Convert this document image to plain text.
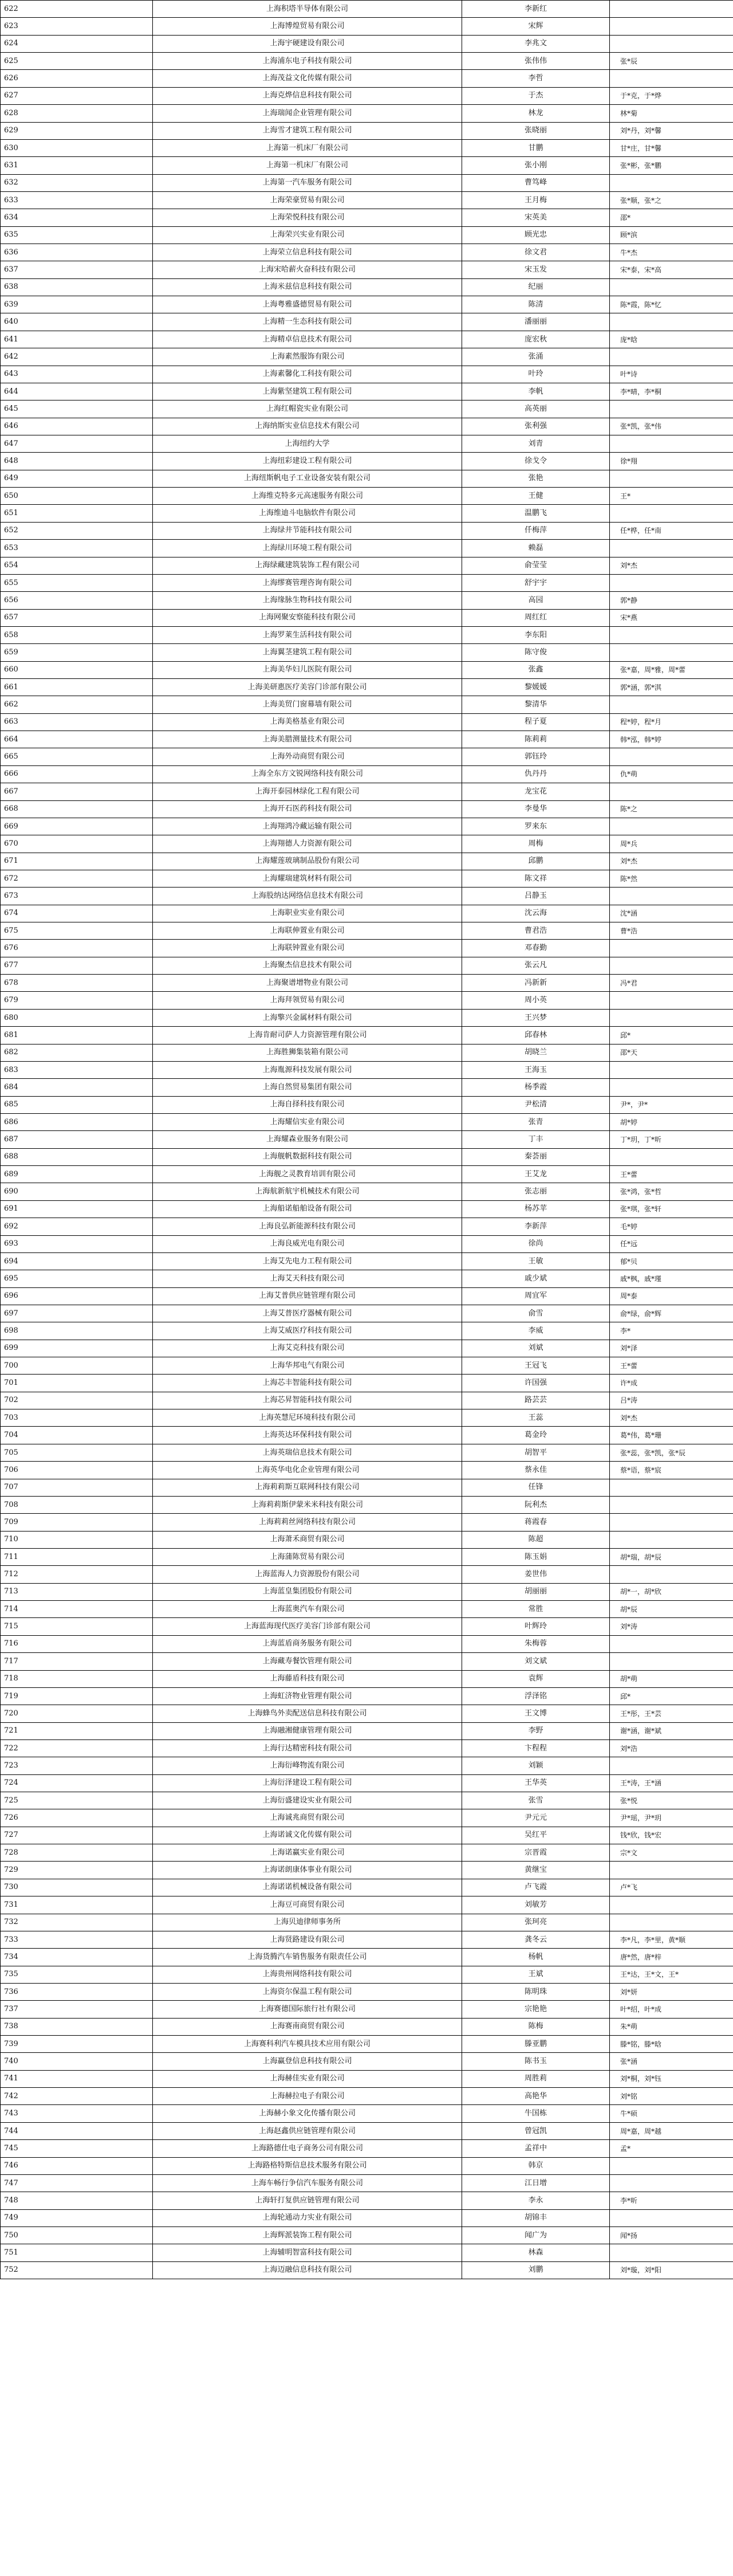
622	上海积塔半导体有限公司	李新红	
623	上海博煌贸易有限公司	宋辉	
624	上海宇硬建设有限公司	李兆文	
625	上海浦东电子科技有限公司	张伟伟	张*辰
626	上海茂益文化传媒有限公司	李哲	
627	上海克烨信息科技有限公司	于杰	于*克，于*烨
628	上海瑞闻企业管理有限公司	林龙	林*菊
629	上海雪才建筑工程有限公司	张晓丽	刘*丹，刘*馨
630	上海第一机床厂有限公司	甘鹏	甘*庄，甘*馨
631	上海第一机床厂有限公司	张小刚	张*彬，张*鹏
632	上海第一汽车服务有限公司	曹笃峰	
633	上海荣豪贸易有限公司	王月梅	张*顺，张*之
634	上海荣悦科技有限公司	宋英美	邵*
635	上海荣兴实业有限公司	顾光忠	顾*滨
636	上海荣立信息科技有限公司	徐文君	牛*杰
637	上海宋哈薪火奋科技有限公司	宋玉发	宋*泰，宋*高
638	上海米兹信息科技有限公司	纪丽	
639	上海粤雅盛德贸易有限公司	陈清	陈*霞，陈*忆
640	上海精一生态科技有限公司	潘丽丽	
641	上海精卓信息技术有限公司	庞宏秋	庞*晗
642	上海素然服饰有限公司	张涌	
643	上海素馨化工科技有限公司	叶玲	叶*诗
644	上海紫坚建筑工程有限公司	李帆	李*晴，李*桐
645	上海红帽瓷实业有限公司	高英丽	
646	上海纳斯实业信息技术有限公司	张利强	张*凯，张*伟
647	上海纽约大学	刘青	
648	上海纽彩建设工程有限公司	徐戈令	徐*翔
649	上海纽斯帆电子工业设备安装有限公司	张艳	
650	上海维克特多元高速服务有限公司	王健	王*
651	上海维迪斗电脑软件有限公司	温鹏飞	
652	上海绿井节能科技有限公司	仟梅萍	任*桦，任*南
653	上海绿川环境工程有限公司	赖磊	
654	上海绿藏建筑装饰工程有限公司	俞莹莹	刘*杰
655	上海缪赛管理咨询有限公司	舒宇宇	
656	上海缘脉生物科技有限公司	高园	郭*静
657	上海网聚安察能科技有限公司	周红红	宋*燕
658	上海罗莱生活科技有限公司	李东阳	
659	上海翼茎建筑工程有限公司	陈守俊	
660	上海美华妇儿医院有限公司	张鑫	张*嘉，周*雅，周*蕾
661	上海美研惠医疗美容门诊部有限公司	黎媛媛	郭*涵，郭*淇
662	上海美贸门窗幕墙有限公司	黎清华	
663	上海美格基业有限公司	程子夏	程*婷，程*月
664	上海美腊测量技术有限公司	陈莉莉	韩*泓，韩*婷
665	上海外动商贸有限公司	郭钰玲	
666	上海全东方文锐网络科技有限公司	仇丹丹	仇*萌
667	上海开泰园林绿化工程有限公司	龙宝花	
668	上海开石医药科技有限公司	李曼华	陈*之
669	上海翔鸿冷藏运输有限公司	罗来东	
670	上海翔德人力资源有限公司	周梅	周*兵
671	上海耀莲玻璃制品股份有限公司	邱鹏	刘*杰
672	上海耀瑞建筑材料有限公司	陈文祥	陈*然
673	上海股纳达网络信息技术有限公司	吕静玉	
674	上海职业实业有限公司	沈云海	沈*涵
675	上海联伸置业有限公司	曹君浩	曹*浩
676	上海联钟置业有限公司	邓春勤	
677	上海聚杰信息技术有限公司	张云凡	
678	上海聚谱增物业有限公司	冯新新	冯*君
679	上海拜领贸易有限公司	周小英	
680	上海擎兴金属材料有限公司	王兴梦	
681	上海肯耐司萨人力资源管理有限公司	邱春林	邱*
682	上海胜狮集装箱有限公司	胡晓兰	邵*天
683	上海胤源科技发展有限公司	王海玉	
684	上海自然贸易集团有限公司	杨季霞	
685	上海自择科技有限公司	尹松清	尹*，尹*
686	上海耀信实业有限公司	张青	胡*婷
687	上海耀森业服务有限公司	丁丰	丁*玥，丁*昕
688	上海舰帆数据科技有限公司	秦荟丽	
689	上海舰之灵教育培训有限公司	王艾龙	王*蕾
690	上海航新航宇机械技术有限公司	张志丽	张*鸿，张*哲
691	上海船诺船舶设备有限公司	杨苏苹	张*琪，张*轩
692	上海良弘新能源科技有限公司	李新萍	毛*婷
693	上海良威光电有限公司	徐尚	任*远
694	上海艾先电力工程有限公司	王敏	郁*贝
695	上海艾天科技有限公司	戚少斌	戚*枫，戚*瑾
696	上海艾普供应链管理有限公司	周宜军	周*泰
697	上海艾普医疗器械有限公司	俞雪	俞*绿，俞*辉
698	上海艾威医疗科技有限公司	李威	李*
699	上海艾克科技有限公司	刘斌	刘*泽
700	上海华邦电气有限公司	王冠飞	王*蕾
701	上海芯丰智能科技有限公司	许国强	许*成
702	上海芯昇智能科技有限公司	路芸芸	吕*涛
703	上海英慧尼环境科技有限公司	王蕊	刘*杰
704	上海英达环保科技有限公司	葛金玲	葛*伟，葛*珊
705	上海英瑞信息技术有限公司	胡智平	张*蕊，张*凯，张*辰
706	上海英华电化企业管理有限公司	蔡永佳	蔡*语，蔡*宸
707	上海莉莉斯互联网科技有限公司	任锋	
708	上海莉莉斯伊蒙米米科技有限公司	阮利杰	
709	上海莉莉丝网络科技有限公司	蒋霞春	
710	上海萧禾商贸有限公司	陈超	
711	上海蒲陈贸易有限公司	陈玉娟	胡*瑞，胡*辰
712	上海蓝海人力资源股份有限公司	姜世伟	
713	上海蓝皇集团股份有限公司	胡丽丽	胡*一，胡*欣
714	上海蓝奥汽车有限公司	常胜	胡*辰
715	上海蓝海现代医疗美容门诊部有限公司	叶辉玲	刘*涛
716	上海蓝盾商务服务有限公司	朱梅蓉	
717	上海藏寿餐饮管理有限公司	刘文斌	
718	上海藤盾科技有限公司	袁辉	胡*萌
719	上海虹济物业管理有限公司	浮泽铭	邱*
720	上海蜂鸟外卖配送信息科技有限公司	王文博	王*彤，王*芸
721	上海融湘健康管理有限公司	李野	谢*涵，谢*斌
722	上海行达精密科技有限公司	卞程程	刘*浩
723	上海衍峰物流有限公司	刘颖	
724	上海衍泽建设工程有限公司	王华英	王*涛，王*涵
725	上海衍盛建设实业有限公司	张雪	张*悦
726	上海诚兆商贸有限公司	尹元元	尹*瑶，尹*玥
727	上海诺诚文化传媒有限公司	吴红平	钱*欣，钱*宏
728	上海诺赢实业有限公司	宗晋霞	宗*文
729	上海诺朗康体事业有限公司	黄继宝	
730	上海诺诺机械设备有限公司	卢飞霞	卢*飞
731	上海豆可商贸有限公司	刘敏芳	
732	上海贝迪律师事务所	张珂亮	
733	上海贤路建设有限公司	龚冬云	李*凡，李*里，黄*顺
734	上海货腾汽车销售服务有限责任公司	杨帆	唐*然，唐*梓
735	上海贵州网络科技有限公司	王斌	王*达，王*文，王*
736	上海资尔保温工程有限公司	陈明珠	刘*妍
737	上海赛德国际旅行社有限公司	宗艳艳	叶*绍，叶*成
738	上海赛南商贸有限公司	陈梅	朱*萌
739	上海赛科利汽车模具技术应用有限公司	滕亚鹏	滕*铭，滕*晗
740	上海赢登信息科技有限公司	陈书玉	张*涵
741	上海赫佳实业有限公司	周胜莉	刘*桐，刘*钰
742	上海赫拉电子有限公司	高艳华	刘*铭
743	上海赫小象文化传播有限公司	牛国栋	牛*硕
744	上海赵鑫供应链管理有限公司	曾冠凯	周*嘉，周*越
745	上海路德仕电子商务公司有限公司	孟祥中	孟*
746	上海路格特斯信息技术服务有限公司	韩京	
747	上海车畅行争信汽车服务有限公司	江日增	
748	上海轩打复供应链管理有限公司	李永	李*昕
749	上海轮通动力实业有限公司	胡锦丰	
750	上海辉派装饰工程有限公司	闻广为	闻*扬
751	上海辅明智富科技有限公司	林森	
752	上海迈融信息科技有限公司	刘鹏	刘*璇，刘*阳
